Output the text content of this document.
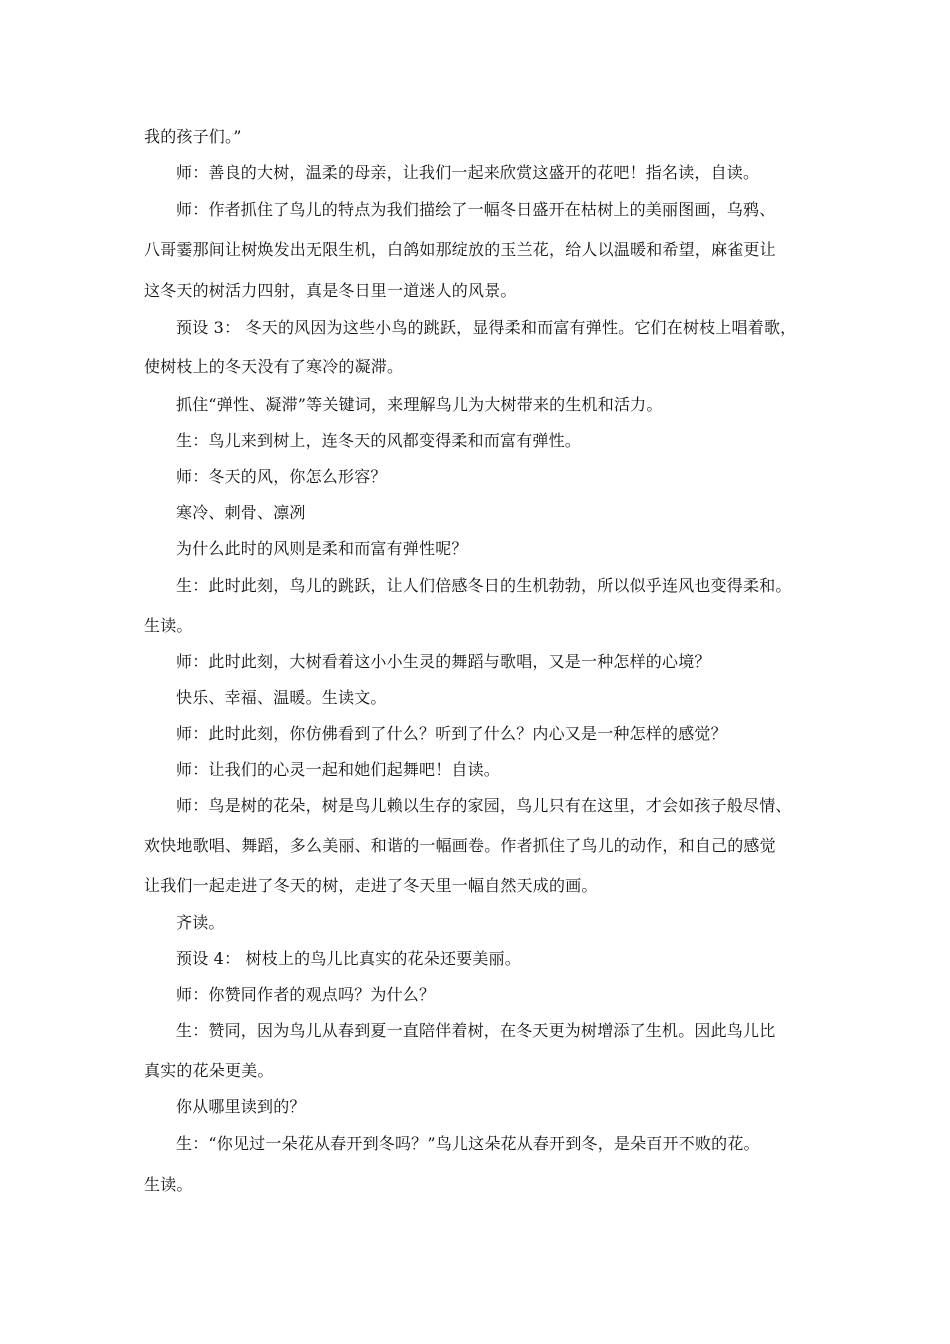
我的孩子们。”
师：善良的大树，温柔的母亲，让我们一起来欣赏这盛开的花吧！指名读，自读。
师：作者抓住了鸟儿的特点为我们描绘了一幅冬日盛开在枯树上的美丽图画，乌鸦、
八哥霎那间让树焕发出无限生机，白鸽如那绽放的玉兰花，给人以温暖和希望，麻雀更让
这冬天的树活力四射，真是冬日里一道迷人的风景。
预设 3： 冬天的风因为这些小鸟的跳跃，显得柔和而富有弹性。它们在树枝上唱着歌，
使树枝上的冬天没有了寒冷的凝滞。
抓住“弹性、凝滞”等关键词，来理解鸟儿为大树带来的生机和活力。
生：鸟儿来到树上，连冬天的风都变得柔和而富有弹性。
师：冬天的风，你怎么形容？
寒冷、刺骨、凛冽
为什么此时的风则是柔和而富有弹性呢？
生：此时此刻，鸟儿的跳跃，让人们倍感冬日的生机勃勃，所以似乎连风也变得柔和。
生读。
师：此时此刻，大树看着这小小生灵的舞蹈与歌唱，又是一种怎样的心境？
快乐、幸福、温暖。生读文。
师：此时此刻，你仿佛看到了什么？听到了什么？内心又是一种怎样的感觉？
师：让我们的心灵一起和她们起舞吧！自读。
师：鸟是树的花朵，树是鸟儿赖以生存的家园，鸟儿只有在这里，才会如孩子般尽情、
欢快地歌唱、舞蹈，多么美丽、和谐的一幅画卷。作者抓住了鸟儿的动作，和自己的感觉
让我们一起走进了冬天的树，走进了冬天里一幅自然天成的画。
齐读。
预设 4： 树枝上的鸟儿比真实的花朵还要美丽。
师：你赞同作者的观点吗？为什么？
生：赞同，因为鸟儿从春到夏一直陪伴着树，在冬天更为树增添了生机。因此鸟儿比
真实的花朵更美。
你从哪里读到的？
生：“你见过一朵花从春开到冬吗？”鸟儿这朵花从春开到冬，是朵百开不败的花。
生读。
